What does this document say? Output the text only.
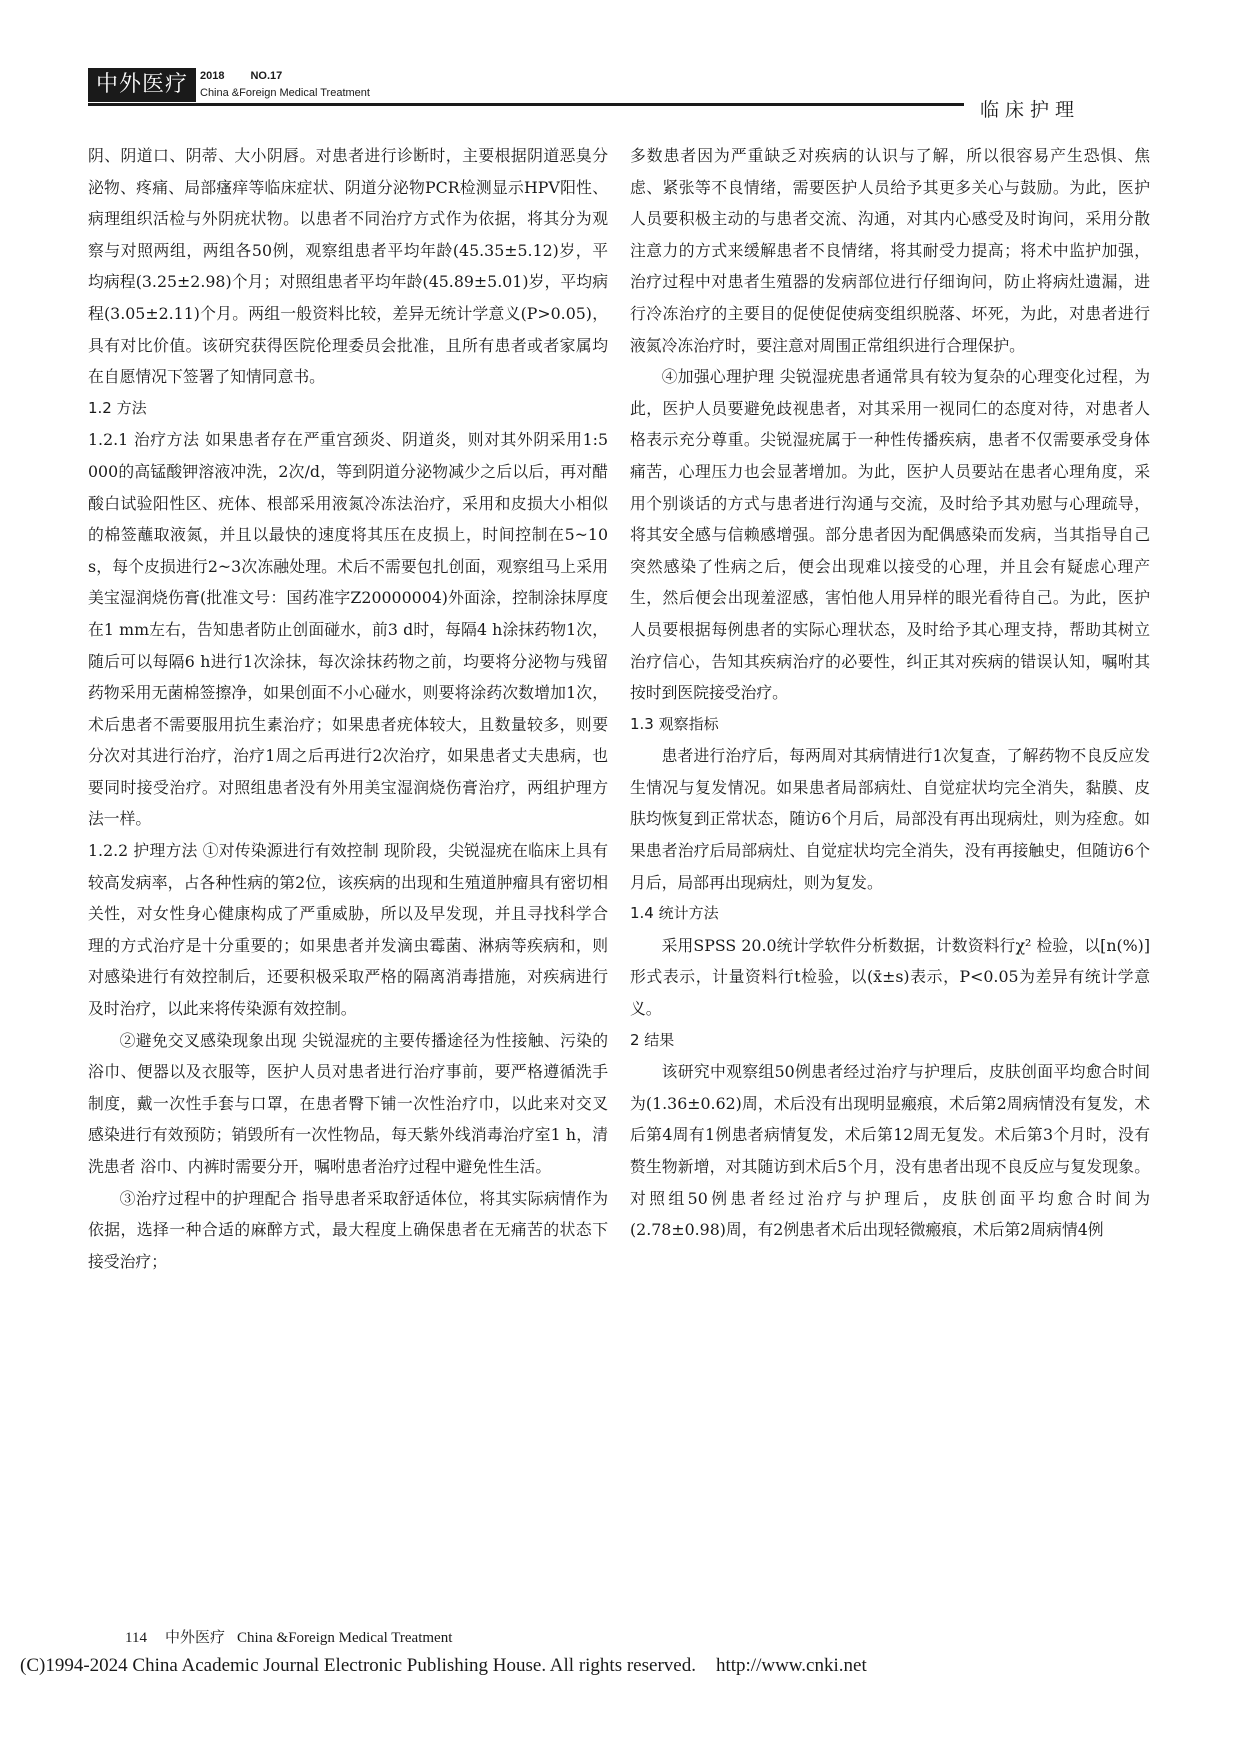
中外医疗	2018 NO.17
China &Foreign Medical Treatment
临床护理

阴、阴道口、阴蒂、大小阴唇。对患者进行诊断时，主要根据阴道恶臭分泌物、疼痛、局部瘙痒等临床症状、阴道分泌物PCR检测显示HPV阳性、病理组织活检与外阴疣状物。以患者不同治疗方式作为依据，将其分为观察与对照两组，两组各50例，观察组患者平均年龄(45.35±5.12)岁，平均病程(3.25±2.98)个月；对照组患者平均年龄(45.89±5.01)岁，平均病程(3.05±2.11)个月。两组一般资料比较，差异无统计学意义(P>0.05)，具有对比价值。该研究获得医院伦理委员会批准，且所有患者或者家属均在自愿情况下签署了知情同意书。

1.2 方法

1.2.1 治疗方法 如果患者存在严重宫颈炎、阴道炎，则对其外阴采用1:5 000的高锰酸钾溶液冲洗，2次/d，等到阴道分泌物减少之后以后，再对醋酸白试验阳性区、疣体、根部采用液氮冷冻法治疗，采用和皮损大小相似的棉签蘸取液氮，并且以最快的速度将其压在皮损上，时间控制在5~10 s，每个皮损进行2~3次冻融处理。术后不需要包扎创面，观察组马上采用美宝湿润烧伤膏(批准文号：国药准字Z20000004)外面涂，控制涂抹厚度在1 mm左右，告知患者防止创面碰水，前3 d时，每隔4 h涂抹药物1次，随后可以每隔6 h进行1次涂抹，每次涂抹药物之前，均要将分泌物与残留药物采用无菌棉签擦净，如果创面不小心碰水，则要将涂药次数增加1次，术后患者不需要服用抗生素治疗；如果患者疣体较大，且数量较多，则要分次对其进行治疗，治疗1周之后再进行2次治疗，如果患者丈夫患病，也要同时接受治疗。对照组患者没有外用美宝湿润烧伤膏治疗，两组护理方法一样。

1.2.2 护理方法 ①对传染源进行有效控制 现阶段，尖锐湿疣在临床上具有较高发病率，占各种性病的第2位，该疾病的出现和生殖道肿瘤具有密切相关性，对女性身心健康构成了严重威胁，所以及早发现，并且寻找科学合理的方式治疗是十分重要的；如果患者并发滴虫霉菌、淋病等疾病和，则对感染进行有效控制后，还要积极采取严格的隔离消毒措施，对疾病进行及时治疗，以此来将传染源有效控制。

②避免交叉感染现象出现 尖锐湿疣的主要传播途径为性接触、污染的浴巾、便器以及衣服等，医护人员对患者进行治疗事前，要严格遵循洗手制度，戴一次性手套与口罩，在患者臀下铺一次性治疗巾，以此来对交叉感染进行有效预防；销毁所有一次性物品，每天紫外线消毒治疗室1 h，清洗患者 浴巾、内裤时需要分开，嘱咐患者治疗过程中避免性生活。

③治疗过程中的护理配合 指导患者采取舒适体位，将其实际病情作为依据，选择一种合适的麻醉方式，最大程度上确保患者在无痛苦的状态下接受治疗；

多数患者因为严重缺乏对疾病的认识与了解，所以很容易产生恐惧、焦虑、紧张等不良情绪，需要医护人员给予其更多关心与鼓励。为此，医护人员要积极主动的与患者交流、沟通，对其内心感受及时询问，采用分散注意力的方式来缓解患者不良情绪，将其耐受力提高；将术中监护加强，治疗过程中对患者生殖器的发病部位进行仔细询问，防止将病灶遗漏，进行冷冻治疗的主要目的促使促使病变组织脱落、坏死，为此，对患者进行液氮冷冻治疗时，要注意对周围正常组织进行合理保护。

④加强心理护理 尖锐湿疣患者通常具有较为复杂的心理变化过程，为此，医护人员要避免歧视患者，对其采用一视同仁的态度对待，对患者人格表示充分尊重。尖锐湿疣属于一种性传播疾病，患者不仅需要承受身体痛苦，心理压力也会显著增加。为此，医护人员要站在患者心理角度，采用个别谈话的方式与患者进行沟通与交流，及时给予其劝慰与心理疏导，将其安全感与信赖感增强。部分患者因为配偶感染而发病，当其指导自己突然感染了性病之后，便会出现难以接受的心理，并且会有疑虑心理产生，然后便会出现羞涩感，害怕他人用异样的眼光看待自己。为此，医护人员要根据每例患者的实际心理状态，及时给予其心理支持，帮助其树立治疗信心，告知其疾病治疗的必要性，纠正其对疾病的错误认知，嘱咐其按时到医院接受治疗。

1.3 观察指标

患者进行治疗后，每两周对其病情进行1次复查，了解药物不良反应发生情况与复发情况。如果患者局部病灶、自觉症状均完全消失，黏膜、皮肤均恢复到正常状态，随访6个月后，局部没有再出现病灶，则为痊愈。如果患者治疗后局部病灶、自觉症状均完全消失，没有再接触史，但随访6个月后，局部再出现病灶，则为复发。

1.4 统计方法

采用SPSS 20.0统计学软件分析数据，计数资料行χ² 检验，以[n(%)]形式表示，计量资料行t检验，以(x̄±s)表示，P<0.05为差异有统计学意义。

2 结果

该研究中观察组50例患者经过治疗与护理后，皮肤创面平均愈合时间为(1.36±0.62)周，术后没有出现明显瘢痕，术后第2周病情没有复发，术后第4周有1例患者病情复发，术后第12周无复发。术后第3个月时，没有赘生物新增，对其随访到术后5个月，没有患者出现不良反应与复发现象。对照组50例患者经过治疗与护理后，皮肤创面平均愈合时间为(2.78±0.98)周，有2例患者术后出现轻微瘢痕，术后第2周病情4例

114 中外医疗 China &Foreign Medical Treatment
(C)1994-2024 China Academic Journal Electronic Publishing House. All rights reserved. http://www.cnki.net
